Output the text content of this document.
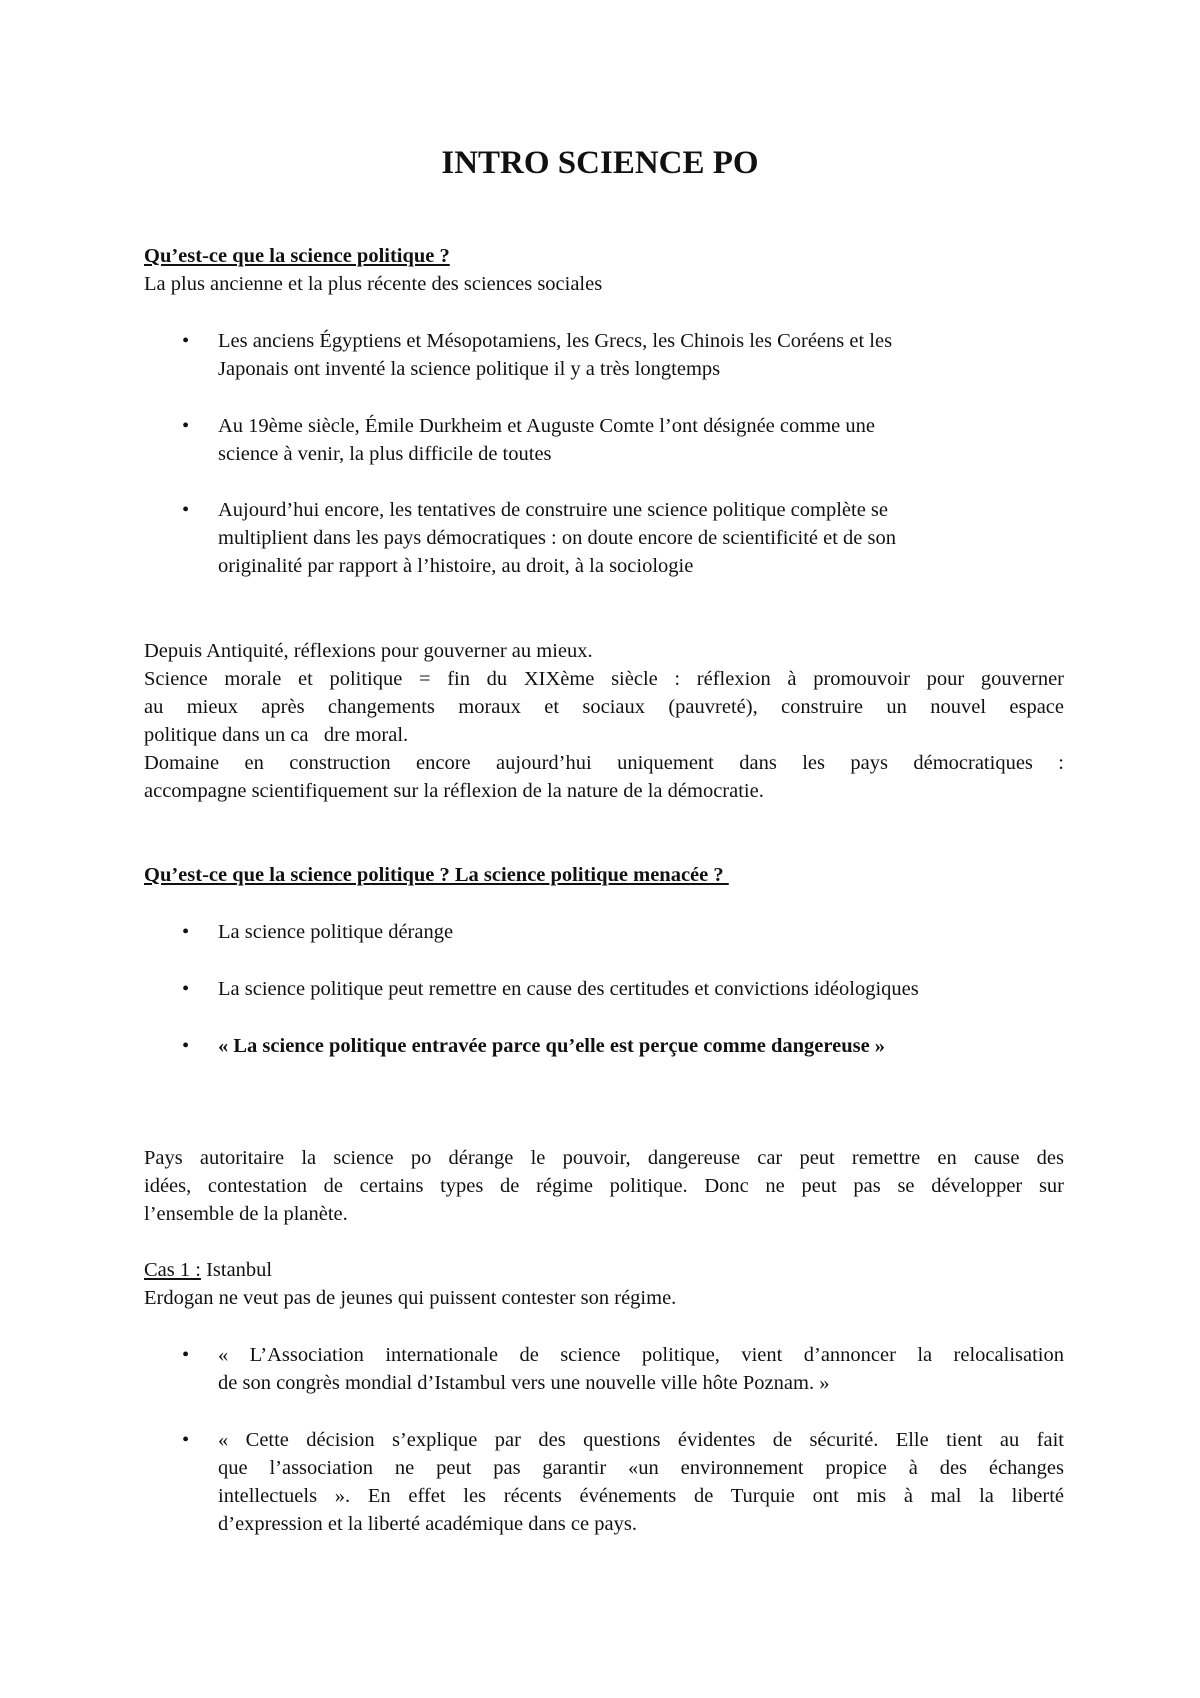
INTRO SCIENCE PO
Qu’est-ce que la science politique ?
La plus ancienne et la plus récente des sciences sociales
•	Les anciens Égyptiens et Mésopotamiens, les Grecs, les Chinois les Coréens et les
Japonais ont inventé la science politique il y a très longtemps
•	Au 19ème siècle, Émile Durkheim et Auguste Comte l’ont désignée comme une
science à venir, la plus difficile de toutes
•	Aujourd’hui encore, les tentatives de construire une science politique complète se
multiplient dans les pays démocratiques : on doute encore de scientificité et de son
originalité par rapport à l’histoire, au droit, à la sociologie
Depuis Antiquité, réflexions pour gouverner au mieux.
Science morale et politique = fin du XIXème siècle : réflexion à promouvoir pour gouverner
au mieux après changements moraux et sociaux (pauvreté), construire un nouvel espace
politique dans un ca   dre moral.
Domaine en construction encore aujourd’hui uniquement dans les pays démocratiques :
accompagne scientifiquement sur la réflexion de la nature de la démocratie.
Qu’est-ce que la science politique ? La science politique menacée ?
•	La science politique dérange
•	La science politique peut remettre en cause des certitudes et convictions idéologiques
•	« La science politique entravée parce qu’elle est perçue comme dangereuse »
Pays autoritaire la science po dérange le pouvoir, dangereuse car peut remettre en cause des
idées, contestation de certains types de régime politique. Donc ne peut pas se développer sur
l’ensemble de la planète.
Cas 1 : Istanbul
Erdogan ne veut pas de jeunes qui puissent contester son régime.
•	« L’Association internationale de science politique, vient d’annoncer la relocalisation
de son congrès mondial d’Istambul vers une nouvelle ville hôte Poznam. »
•	« Cette décision s’explique par des questions évidentes de sécurité. Elle tient au fait
que l’association ne peut pas garantir «un environnement propice à des échanges
intellectuels ». En effet les récents événements de Turquie ont mis à mal la liberté
d’expression et la liberté académique dans ce pays.
